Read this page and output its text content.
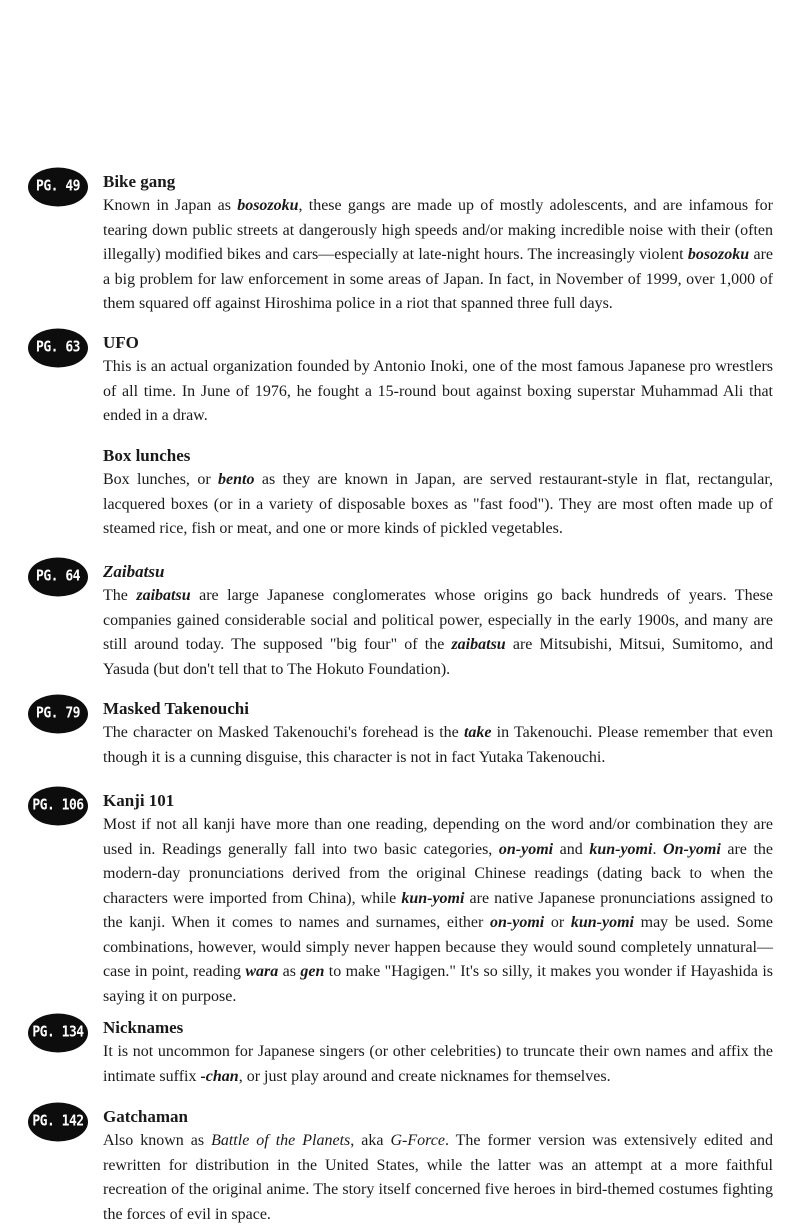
PG. 49	Bike gang

Known in Japan as bosozoku, these gangs are made up of mostly adolescents, and are infamous for tearing down public streets at dangerously high speeds and/or making incredible noise with their (often illegally) modified bikes and cars—especially at late-night hours. The increasingly violent bosozoku are a big problem for law enforcement in some areas of Japan. In fact, in November of 1999, over 1,000 of them squared off against Hiroshima police in a riot that spanned three full days.

PG. 63	UFO

This is an actual organization founded by Antonio Inoki, one of the most famous Japanese pro wrestlers of all time. In June of 1976, he fought a 15-round bout against boxing superstar Muhammad Ali that ended in a draw.

Box lunches

Box lunches, or bento as they are known in Japan, are served restaurant-style in flat, rectangular, lacquered boxes (or in a variety of disposable boxes as "fast food"). They are most often made up of steamed rice, fish or meat, and one or more kinds of pickled vegetables.

PG. 64	Zaibatsu

The zaibatsu are large Japanese conglomerates whose origins go back hundreds of years. These companies gained considerable social and political power, especially in the early 1900s, and many are still around today. The supposed "big four" of the zaibatsu are Mitsubishi, Mitsui, Sumitomo, and Yasuda (but don't tell that to The Hokuto Foundation).

PG. 79	Masked Takenouchi

The character on Masked Takenouchi's forehead is the take in Takenouchi. Please remember that even though it is a cunning disguise, this character is not in fact Yutaka Takenouchi.

PG. 106 Kanji 101

Most if not all kanji have more than one reading, depending on the word and/or combination they are used in. Readings generally fall into two basic categories, on-yomi and kun-yomi. On-yomi are the modern-day pronunciations derived from the original Chinese readings (dating back to when the characters were imported from China), while kun-yomi are native Japanese pronunciations assigned to the kanji. When it comes to names and surnames, either on-yomi or kun-yomi may be used. Some combinations, however, would simply never happen because they would sound completely unnatural—case in point, reading wara as gen to make "Hagigen." It's so silly, it makes you wonder if Hayashida is saying it on purpose.

PG. 134 Nicknames

It is not uncommon for Japanese singers (or other celebrities) to truncate their own names and affix the intimate suffix -chan, or just play around and create nicknames for themselves.

PG. 142 Gatchaman

Also known as Battle of the Planets, aka G-Force. The former version was extensively edited and rewritten for distribution in the United States, while the latter was an attempt at a more faithful recreation of the original anime. The story itself concerned five heroes in bird-themed costumes fighting the forces of evil in space.
